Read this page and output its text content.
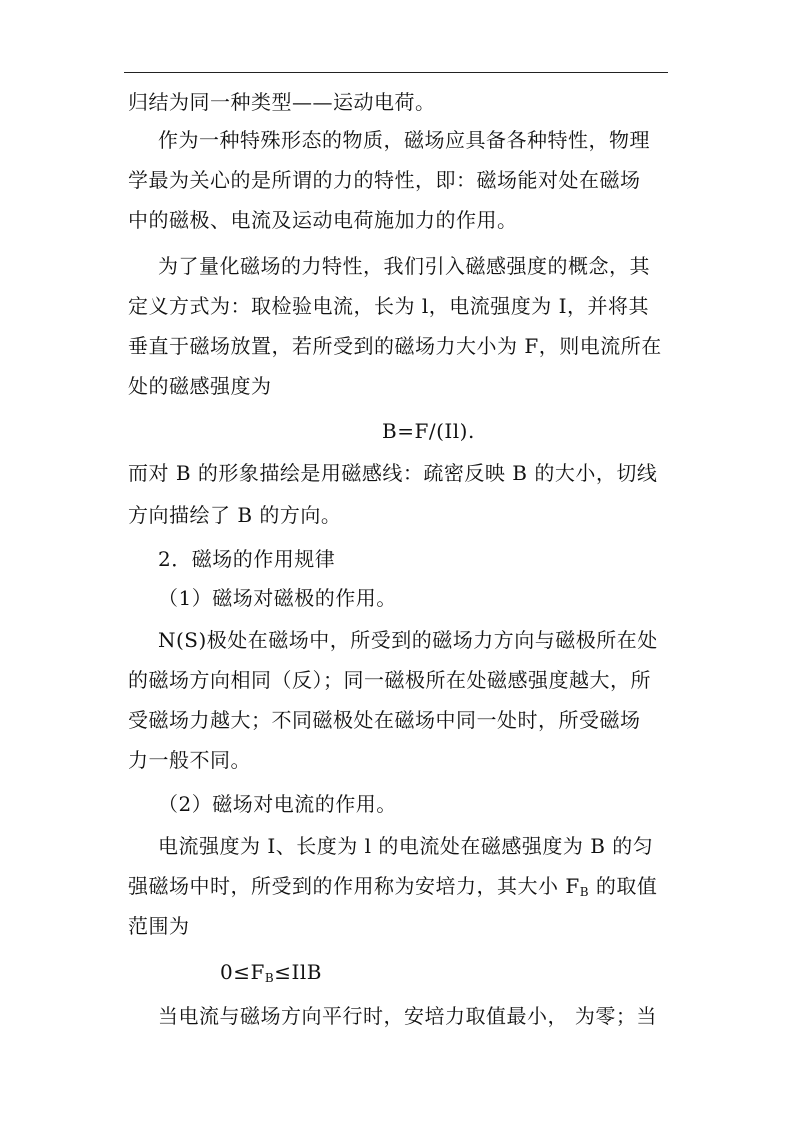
归结为同一种类型——运动电荷。
作为一种特殊形态的物质，磁场应具备各种特性，物理
学最为关心的是所谓的力的特性，即：磁场能对处在磁场
中的磁极、电流及运动电荷施加力的作用。
为了量化磁场的力特性，我们引入磁感强度的概念，其
定义方式为：取检验电流，长为 l，电流强度为 I，并将其
垂直于磁场放置，若所受到的磁场力大小为 F，则电流所在
处的磁感强度为
B=F/(Il).
而对 B 的形象描绘是用磁感线：疏密反映 B 的大小，切线
方向描绘了 B 的方向。
2．磁场的作用规律
（1）磁场对磁极的作用。
N(S)极处在磁场中，所受到的磁场力方向与磁极所在处
的磁场方向相同（反）；同一磁极所在处磁感强度越大，所
受磁场力越大；不同磁极处在磁场中同一处时，所受磁场
力一般不同。
（2）磁场对电流的作用。
电流强度为 I、长度为 l 的电流处在磁感强度为 B 的匀
强磁场中时，所受到的作用称为安培力，其大小 $F_B$ 的取值
范围为
$0\le F_B\le IlB$
当电流与磁场方向平行时，安培力取值最小， 为零；当
